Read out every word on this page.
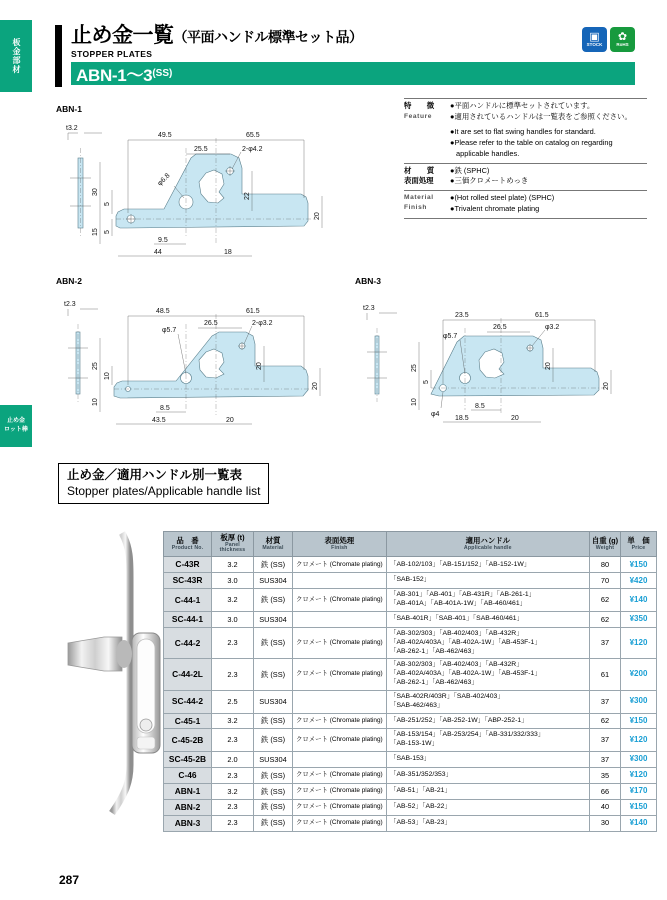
板金部材
止め金
ロット棒
止め金一覧（平面ハンドル標準セット品）
STOPPER PLATES
ABN-1～3 (SS)
▣
STOCK
✿
RoHS
特　徴
Feature
●平面ハンドルに標準セットされています。
●適用されているハンドルは一覧表をご参照ください。
●It are set to flat swing handles for standard.
●Please refer to the table on catalog on regarding applicable handles.
材　質
表面処理
●鉄 (SPHC)
●三価クロメートめっき
Material
Finish
●(Hot rolled steel plate) (SPHC)
●Trivalent chromate plating
ABN-1
t3.2
49.5	65.5
25.5	2-φ4.2
φ6.8
30
5
15 5
22
20
9.5
44	18
ABN-2
t2.3
48.5	61.5
26.5	2-φ3.2
φ5.7
25
10
10
20
20
8.5
43.5	20
ABN-3
t2.3
23.5	61.5
26.5	φ3.2
φ5.7
φ4
25
10
5
20
20
8.5
18.5	20
止め金／適用ハンドル別一覧表
Stopper plates/Applicable handle list
品　番
Product No.	板厚 (t)
Panel thickness	材質
Material	表面処理
Finish	適用ハンドル
Applicable handle	自重 (g)
Weight	単　価
Price

C-43R	3.2	鉄 (SS)	クロメート (Chromate plating)	「AB-102/103」「AB-151/152」「AB-152-1W」	80	¥150
SC-43R	3.0	SUS304		「SAB-152」	70	¥420
C-44-1	3.2	鉄 (SS)	クロメート (Chromate plating)	「AB-301」「AB-401」「AB-431R」「AB-261-1」
「AB-401A」「AB-401A-1W」「AB-460/461」	62	¥140
SC-44-1	3.0	SUS304		「SAB-401R」「SAB-401」「SAB-460/461」	62	¥350
C-44-2	2.3	鉄 (SS)	クロメート (Chromate plating)	「AB-302/303」「AB-402/403」「AB-432R」
「AB-402A/403A」「AB-402A-1W」「AB-453F-1」
「AB-262-1」「AB-462/463」	37	¥120
C-44-2L	2.3	鉄 (SS)	クロメート (Chromate plating)	「AB-302/303」「AB-402/403」「AB-432R」
「AB-402A/403A」「AB-402A-1W」「AB-453F-1」
「AB-262-1」「AB-462/463」	61	¥200
SC-44-2	2.5	SUS304		「SAB-402R/403R」「SAB-402/403」
「SAB-462/463」	37	¥300
C-45-1	3.2	鉄 (SS)	クロメート (Chromate plating)	「AB-251/252」「AB-252-1W」「ABP-252-1」	62	¥150
C-45-2B	2.3	鉄 (SS)	クロメート (Chromate plating)	「AB-153/154」「AB-253/254」「AB-331/332/333」
「AB-153-1W」	37	¥120
SC-45-2B	2.0	SUS304		「SAB-153」	37	¥300
C-46	2.3	鉄 (SS)	クロメート (Chromate plating)	「AB-351/352/353」	35	¥120
ABN-1	3.2	鉄 (SS)	クロメート (Chromate plating)	「AB-51」「AB-21」	66	¥170
ABN-2	2.3	鉄 (SS)	クロメート (Chromate plating)	「AB-52」「AB-22」	40	¥150
ABN-3	2.3	鉄 (SS)	クロメート (Chromate plating)	「AB-53」「AB-23」	30	¥140
287
